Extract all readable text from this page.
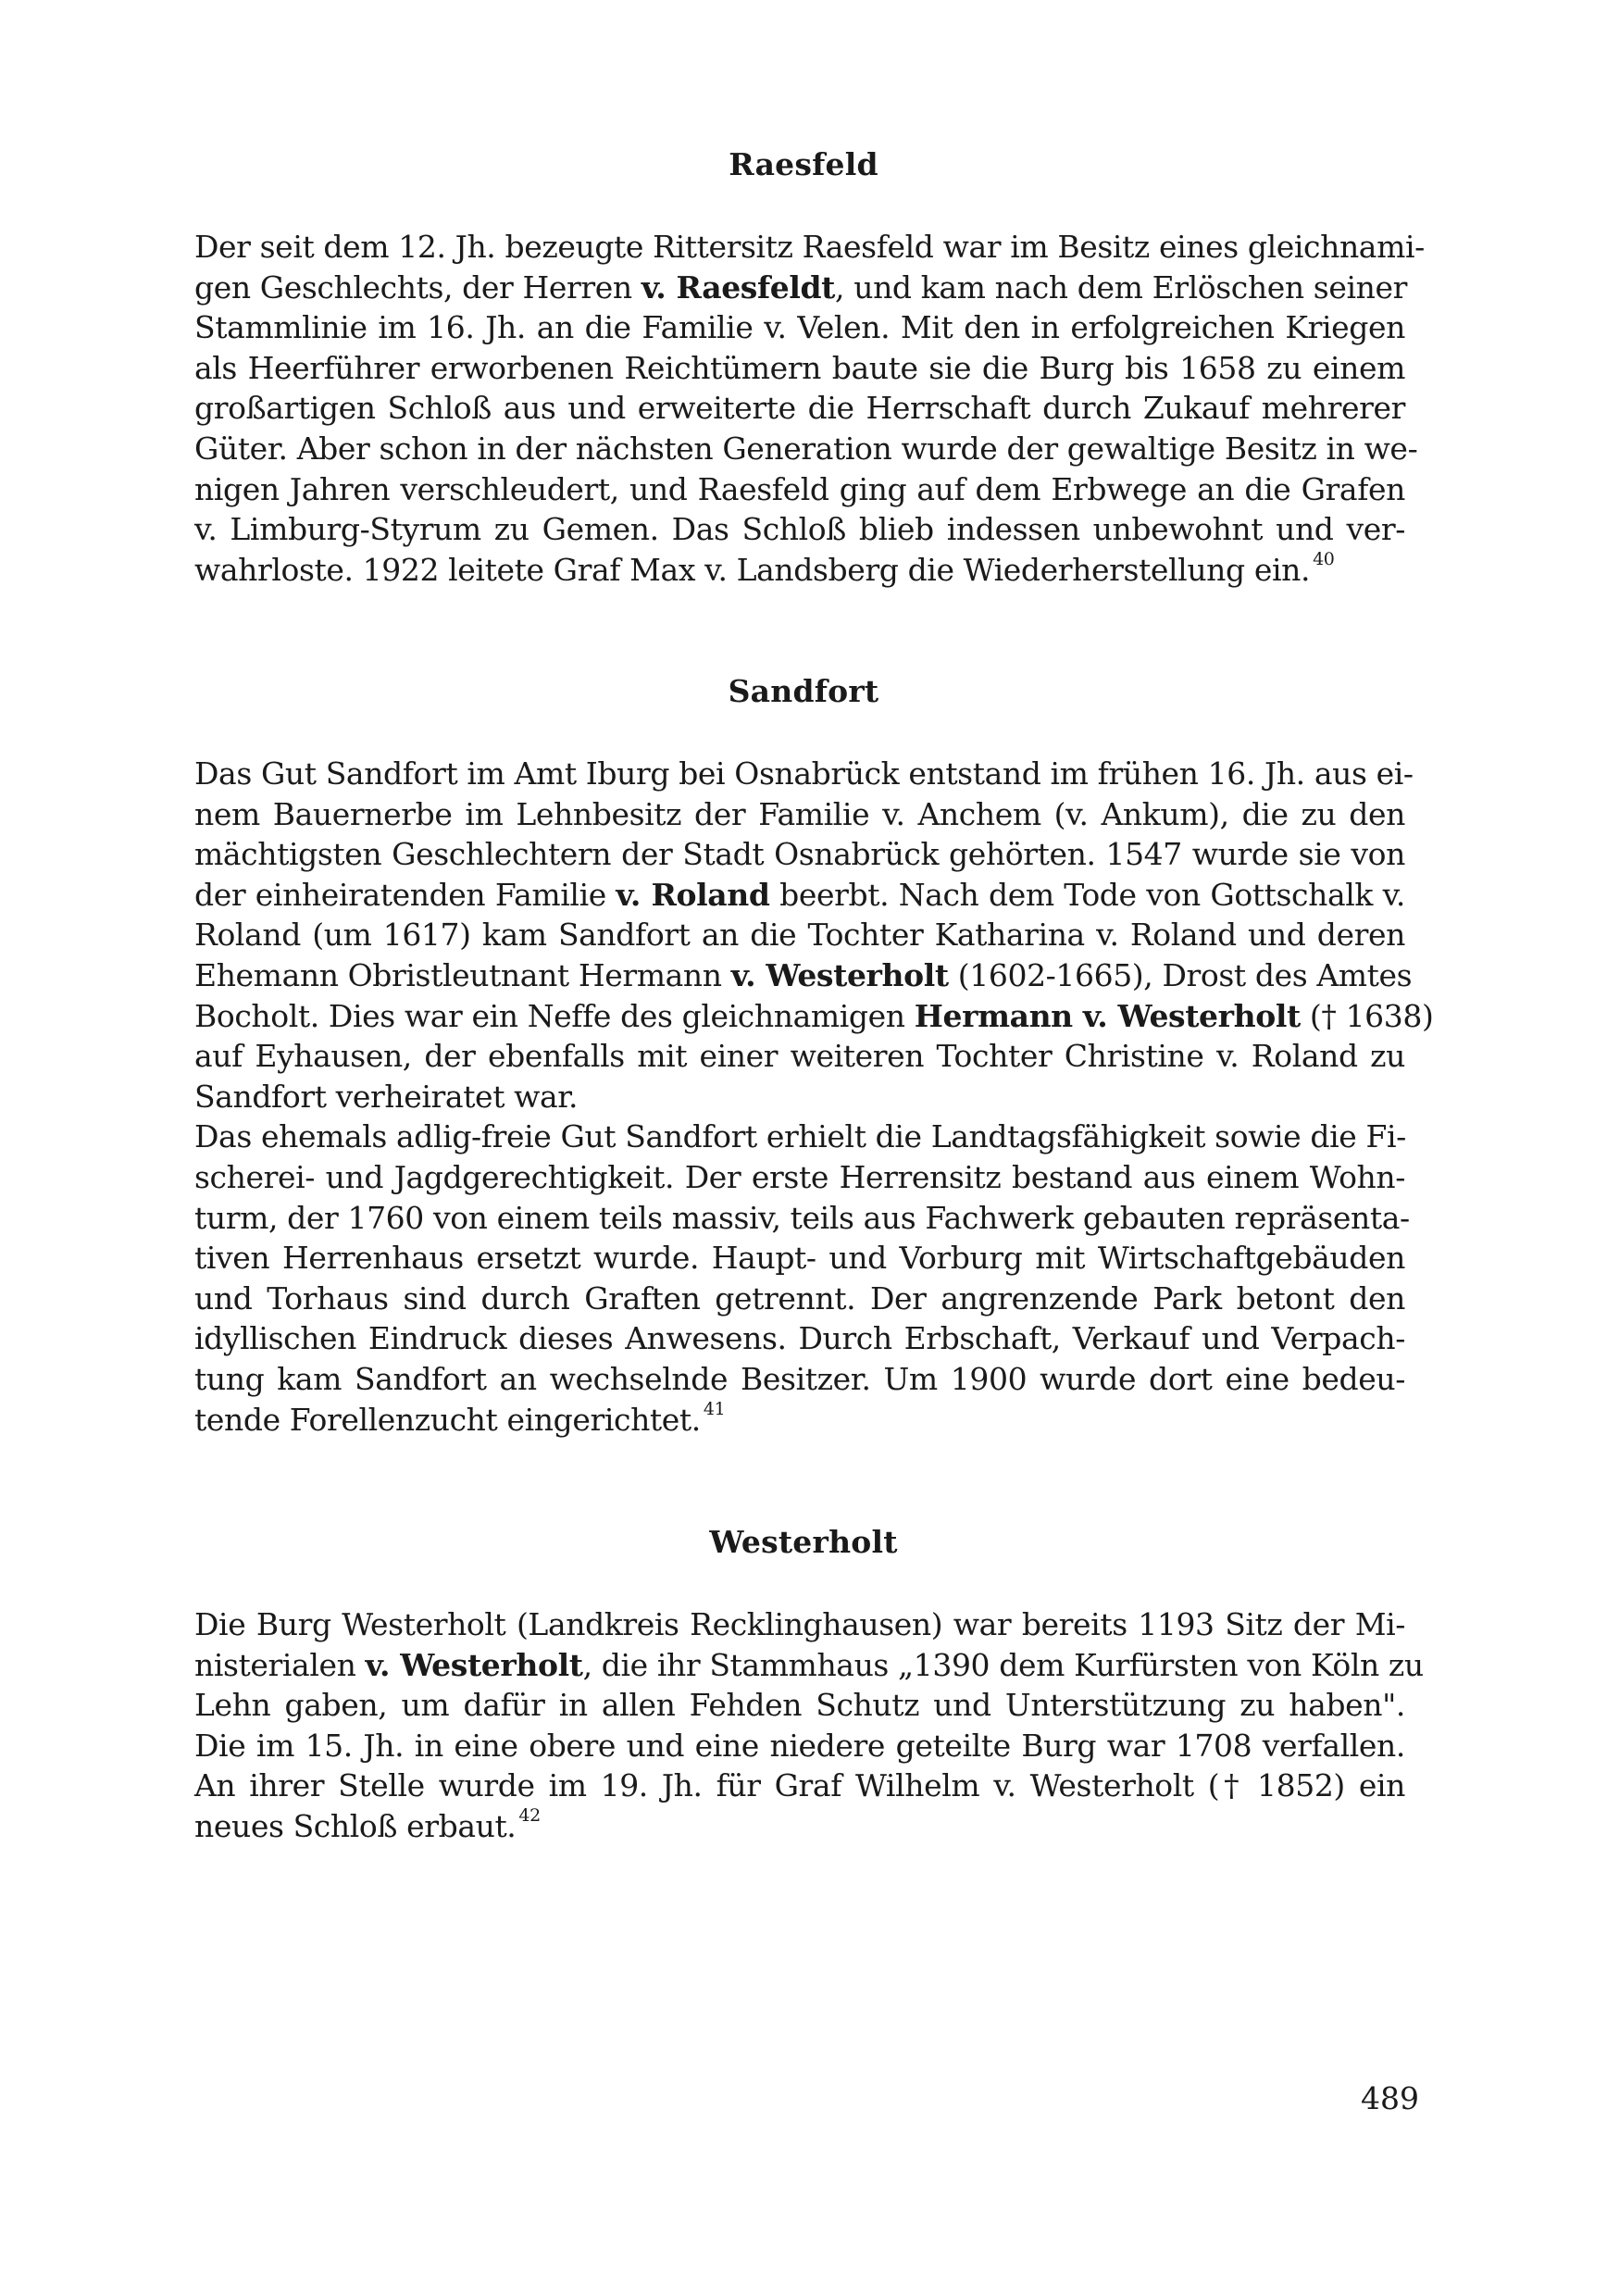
Raesfeld
Der seit dem 12. Jh. bezeugte Rittersitz Raesfeld war im Besitz eines gleichnami-
gen Geschlechts, der Herren v. Raesfeldt, und kam nach dem Erlöschen seiner
Stammlinie im 16. Jh. an die Familie v. Velen. Mit den in erfolgreichen Kriegen
als Heerführer erworbenen Reichtümern baute sie die Burg bis 1658 zu einem
großartigen Schloß aus und erweiterte die Herrschaft durch Zukauf mehrerer
Güter. Aber schon in der nächsten Generation wurde der gewaltige Besitz in we-
nigen Jahren verschleudert, und Raesfeld ging auf dem Erbwege an die Grafen
v. Limburg-Styrum zu Gemen. Das Schloß blieb indessen unbewohnt und ver-
wahrloste. 1922 leitete Graf Max v. Landsberg die Wiederherstellung ein. $^{40}$
Sandfort
Das Gut Sandfort im Amt Iburg bei Osnabrück entstand im frühen 16. Jh. aus ei-
nem Bauernerbe im Lehnbesitz der Familie v. Anchem (v. Ankum), die zu den
mächtigsten Geschlechtern der Stadt Osnabrück gehörten. 1547 wurde sie von
der einheiratenden Familie v. Roland beerbt. Nach dem Tode von Gottschalk v.
Roland (um 1617) kam Sandfort an die Tochter Katharina v. Roland und deren
Ehemann Obristleutnant Hermann v. Westerholt (1602-1665), Drost des Amtes
Bocholt. Dies war ein Neffe des gleichnamigen Hermann v. Westerholt († 1638)
auf Eyhausen, der ebenfalls mit einer weiteren Tochter Christine v. Roland zu
Sandfort verheiratet war.
Das ehemals adlig-freie Gut Sandfort erhielt die Landtagsfähigkeit sowie die Fi-
scherei- und Jagdgerechtigkeit. Der erste Herrensitz bestand aus einem Wohn-
turm, der 1760 von einem teils massiv, teils aus Fachwerk gebauten repräsenta-
tiven Herrenhaus ersetzt wurde. Haupt- und Vorburg mit Wirtschaftgebäuden
und Torhaus sind durch Graften getrennt. Der angrenzende Park betont den
idyllischen Eindruck dieses Anwesens. Durch Erbschaft, Verkauf und Verpach-
tung kam Sandfort an wechselnde Besitzer. Um 1900 wurde dort eine bedeu-
tende Forellenzucht eingerichtet. $^{41}$
Westerholt
Die Burg Westerholt (Landkreis Recklinghausen) war bereits 1193 Sitz der Mi-
nisterialen v. Westerholt, die ihr Stammhaus „1390 dem Kurfürsten von Köln zu
Lehn gaben, um dafür in allen Fehden Schutz und Unterstützung zu haben".
Die im 15. Jh. in eine obere und eine niedere geteilte Burg war 1708 verfallen.
An ihrer Stelle wurde im 19. Jh. für Graf Wilhelm v. Westerholt († 1852) ein
neues Schloß erbaut. $^{42}$
489
